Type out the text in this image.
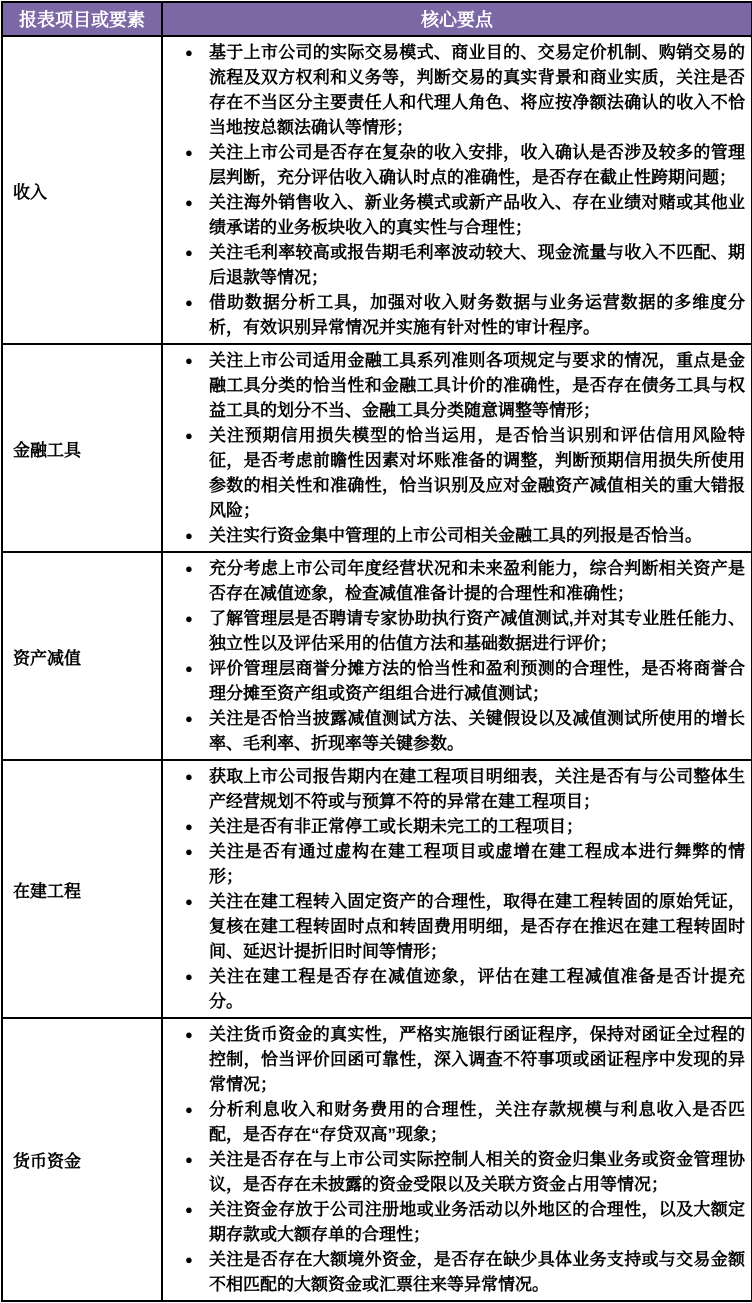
报表项目或要素	核心要点
收入	
● 基于上市公司的实际交易模式、商业目的、交易定价机制、购销交易的流程及双方权利和义务等，判断交易的真实背景和商业实质，关注是否存在不当区分主要责任人和代理人角色、将应按净额法确认的收入不恰当地按总额法确认等情形；
● 关注上市公司是否存在复杂的收入安排，收入确认是否涉及较多的管理层判断，充分评估收入确认时点的准确性，是否存在截止性跨期问题；
● 关注海外销售收入、新业务模式或新产品收入、存在业绩对赌或其他业绩承诺的业务板块收入的真实性与合理性；
● 关注毛利率较高或报告期毛利率波动较大、现金流量与收入不匹配、期后退款等情况；
● 借助数据分析工具，加强对收入财务数据与业务运营数据的多维度分析，有效识别异常情况并实施有针对性的审计程序。

金融工具	
● 关注上市公司适用金融工具系列准则各项规定与要求的情况，重点是金融工具分类的恰当性和金融工具计价的准确性，是否存在债务工具与权益工具的划分不当、金融工具分类随意调整等情形；
● 关注预期信用损失模型的恰当运用，是否恰当识别和评估信用风险特征，是否考虑前瞻性因素对坏账准备的调整，判断预期信用损失所使用参数的相关性和准确性，恰当识别及应对金融资产减值相关的重大错报风险；
● 关注实行资金集中管理的上市公司相关金融工具的列报是否恰当。

资产减值	
● 充分考虑上市公司年度经营状况和未来盈利能力，综合判断相关资产是否存在减值迹象，检查减值准备计提的合理性和准确性；
● 了解管理层是否聘请专家协助执行资产减值测试,并对其专业胜任能力、独立性以及评估采用的估值方法和基础数据进行评价；
● 评价管理层商誉分摊方法的恰当性和盈利预测的合理性，是否将商誉合理分摊至资产组或资产组组合进行减值测试；
● 关注是否恰当披露减值测试方法、关键假设以及减值测试所使用的增长率、毛利率、折现率等关键参数。

在建工程	
● 获取上市公司报告期内在建工程项目明细表，关注是否有与公司整体生产经营规划不符或与预算不符的异常在建工程项目；
● 关注是否有非正常停工或长期未完工的工程项目；
● 关注是否有通过虚构在建工程项目或虚增在建工程成本进行舞弊的情形；
● 关注在建工程转入固定资产的合理性，取得在建工程转固的原始凭证，复核在建工程转固时点和转固费用明细，是否存在推迟在建工程转固时间、延迟计提折旧时间等情形；
● 关注在建工程是否存在减值迹象，评估在建工程减值准备是否计提充分。

货币资金	
● 关注货币资金的真实性，严格实施银行函证程序，保持对函证全过程的控制，恰当评价回函可靠性，深入调查不符事项或函证程序中发现的异常情况；
● 分析利息收入和财务费用的合理性，关注存款规模与利息收入是否匹配，是否存在“存贷双高”现象；
● 关注是否存在与上市公司实际控制人相关的资金归集业务或资金管理协议，是否存在未披露的资金受限以及关联方资金占用等情况；
● 关注资金存放于公司注册地或业务活动以外地区的合理性，以及大额定期存款或大额存单的合理性；
● 关注是否存在大额境外资金，是否存在缺少具体业务支持或与交易金额不相匹配的大额资金或汇票往来等异常情况。
